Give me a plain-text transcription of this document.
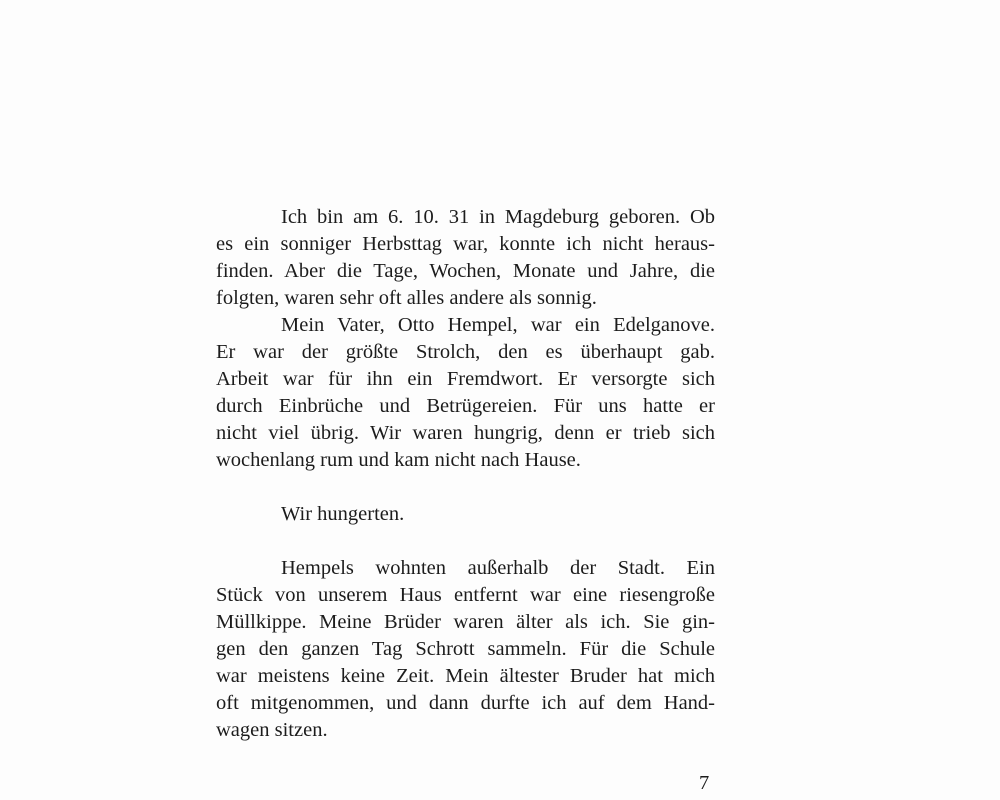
Ich bin am 6. 10. 31 in Magdeburg geboren. Ob
es ein sonniger Herbsttag war, konnte ich nicht heraus-
finden. Aber die Tage, Wochen, Monate und Jahre, die
folgten, waren sehr oft alles andere als sonnig.
Mein Vater, Otto Hempel, war ein Edelganove.
Er war der größte Strolch, den es überhaupt gab.
Arbeit war für ihn ein Fremdwort. Er versorgte sich
durch Einbrüche und Betrügereien. Für uns hatte er
nicht viel übrig. Wir waren hungrig, denn er trieb sich
wochenlang rum und kam nicht nach Hause.
Wir hungerten.
Hempels wohnten außerhalb der Stadt. Ein
Stück von unserem Haus entfernt war eine riesengroße
Müllkippe. Meine Brüder waren älter als ich. Sie gin-
gen den ganzen Tag Schrott sammeln. Für die Schule
war meistens keine Zeit. Mein ältester Bruder hat mich
oft mitgenommen, und dann durfte ich auf dem Hand-
wagen sitzen.
7
